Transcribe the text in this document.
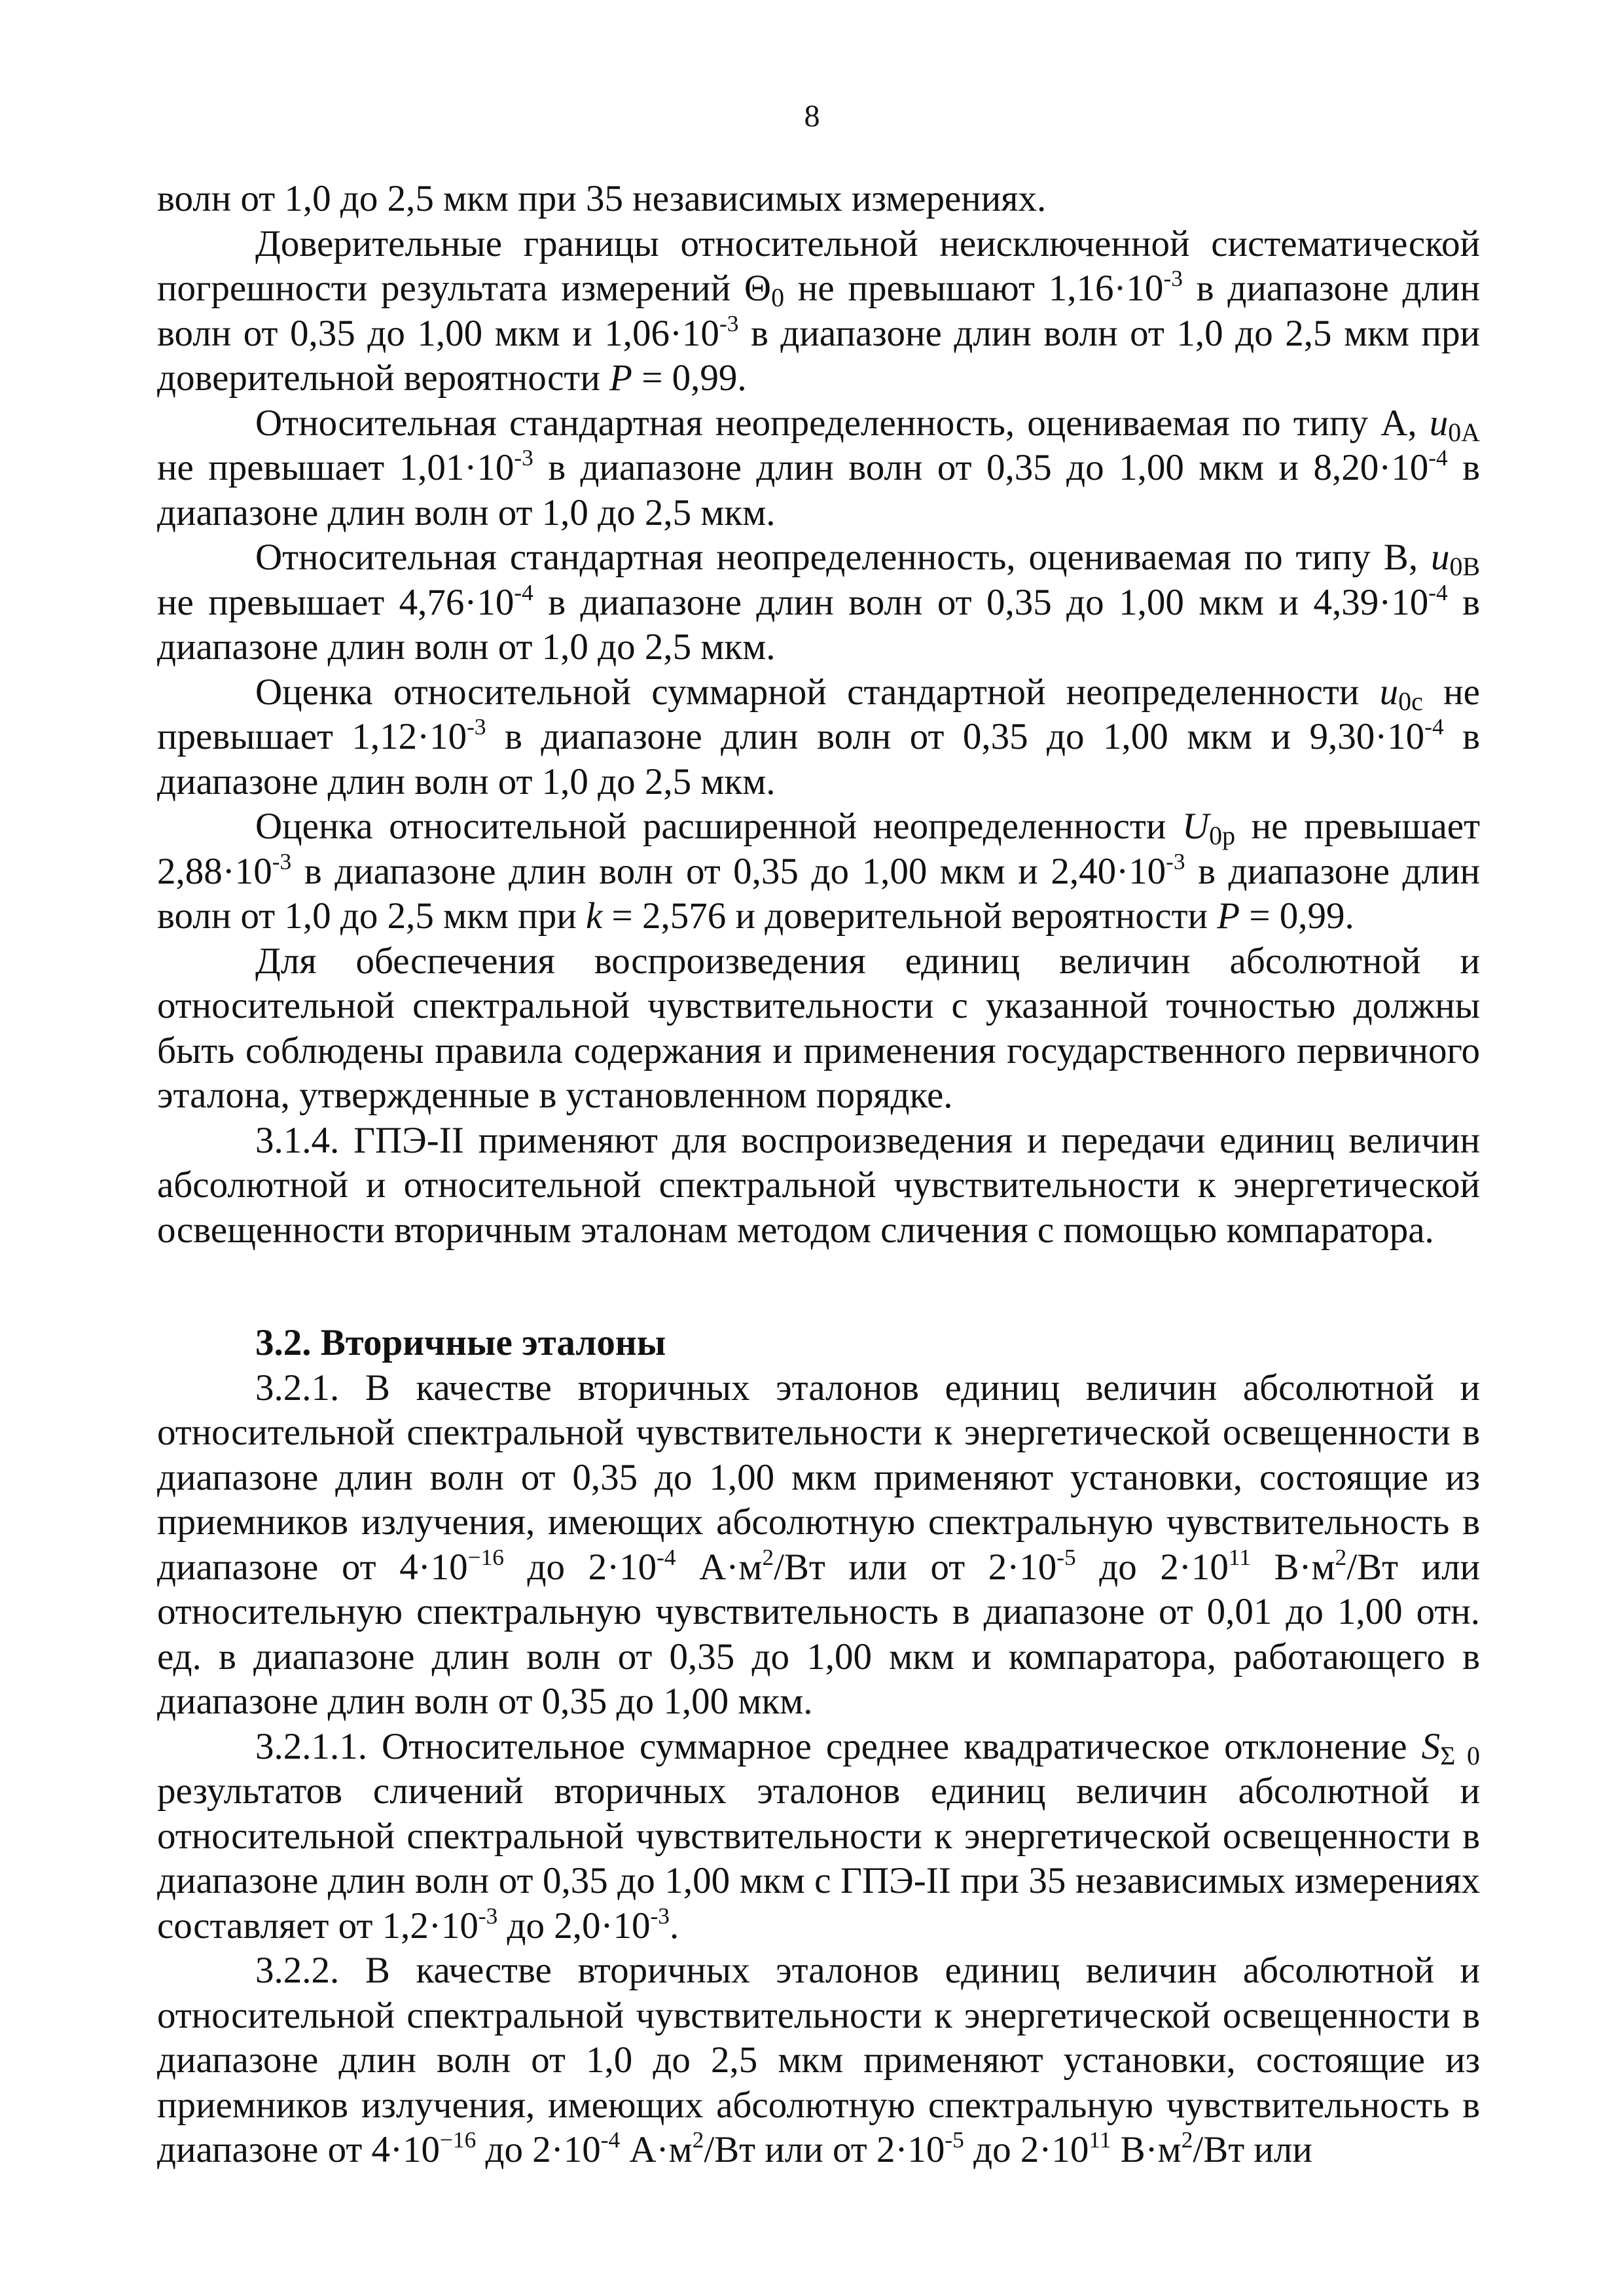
8

волн от 1,0 до 2,5 мкм при 35 независимых измерениях.

Доверительные границы относительной неисключенной систематической погрешности результата измерений $\Theta_0$ не превышают $1,16\cdot 10^{-3}$ в диапазоне длин волн от 0,35 до 1,00 мкм и $1,06\cdot 10^{-3}$ в диапазоне длин волн от 1,0 до 2,5 мкм при доверительной вероятности P = 0,99.

Относительная стандартная неопределенность, оцениваемая по типу А, $u_{0А}$ не превышает $1,01\cdot 10^{-3}$ в диапазоне длин волн от 0,35 до 1,00 мкм и $8,20\cdot 10^{-4}$ в диапазоне длин волн от 1,0 до 2,5 мкм.

Относительная стандартная неопределенность, оцениваемая по типу В, $u_{0В}$ не превышает $4,76\cdot 10^{-4}$ в диапазоне длин волн от 0,35 до 1,00 мкм и $4,39\cdot 10^{-4}$ в диапазоне длин волн от 1,0 до 2,5 мкм.

Оценка относительной суммарной стандартной неопределенности $u_{0с}$ не превышает $1,12\cdot 10^{-3}$ в диапазоне длин волн от 0,35 до 1,00 мкм и $9,30\cdot 10^{-4}$ в диапазоне длин волн от 1,0 до 2,5 мкм.

Оценка относительной расширенной неопределенности $U_{0р}$ не превышает $2,88\cdot 10^{-3}$ в диапазоне длин волн от 0,35 до 1,00 мкм и $2,40\cdot 10^{-3}$ в диапазоне длин волн от 1,0 до 2,5 мкм при k = 2,576 и доверительной вероятности P = 0,99.

Для обеспечения воспроизведения единиц величин абсолютной и относительной спектральной чувствительности с указанной точностью должны быть соблюдены правила содержания и применения государственного первичного эталона, утвержденные в установленном порядке.

3.1.4. ГПЭ-II применяют для воспроизведения и передачи единиц величин абсолютной и относительной спектральной чувствительности к энергетической освещенности вторичным эталонам методом сличения с помощью компаратора.

3.2. Вторичные эталоны

3.2.1. В качестве вторичных эталонов единиц величин абсолютной и относительной спектральной чувствительности к энергетической освещенности в диапазоне длин волн от 0,35 до 1,00 мкм применяют установки, состоящие из приемников излучения, имеющих абсолютную спектральную чувствительность в диапазоне от $4\cdot 10^{-16}$ до $2\cdot 10^{-4}$ $А\cdot м^2/Вт$ или от $2\cdot 10^{-5}$ до $2\cdot 10^{11}$ $В\cdot м^2/Вт$ или относительную спектральную чувствительность в диапазоне от 0,01 до 1,00 отн. ед. в диапазоне длин волн от 0,35 до 1,00 мкм и компаратора, работающего в диапазоне длин волн от 0,35 до 1,00 мкм.

3.2.1.1. Относительное суммарное среднее квадратическое отклонение $S_{\Sigma 0}$ результатов сличений вторичных эталонов единиц величин абсолютной и относительной спектральной чувствительности к энергетической освещенности в диапазоне длин волн от 0,35 до 1,00 мкм с ГПЭ-II при 35 независимых измерениях составляет от $1,2\cdot 10^{-3}$ до $2,0\cdot 10^{-3}$.

3.2.2. В качестве вторичных эталонов единиц величин абсолютной и относительной спектральной чувствительности к энергетической освещенности в диапазоне длин волн от 1,0 до 2,5 мкм применяют установки, состоящие из приемников излучения, имеющих абсолютную спектральную чувствительность в диапазоне от $4\cdot 10^{-16}$ до $2\cdot 10^{-4}$ $А\cdot м^2/Вт$ или от $2\cdot 10^{-5}$ до $2\cdot 10^{11}$ $В\cdot м^2/Вт$ или
